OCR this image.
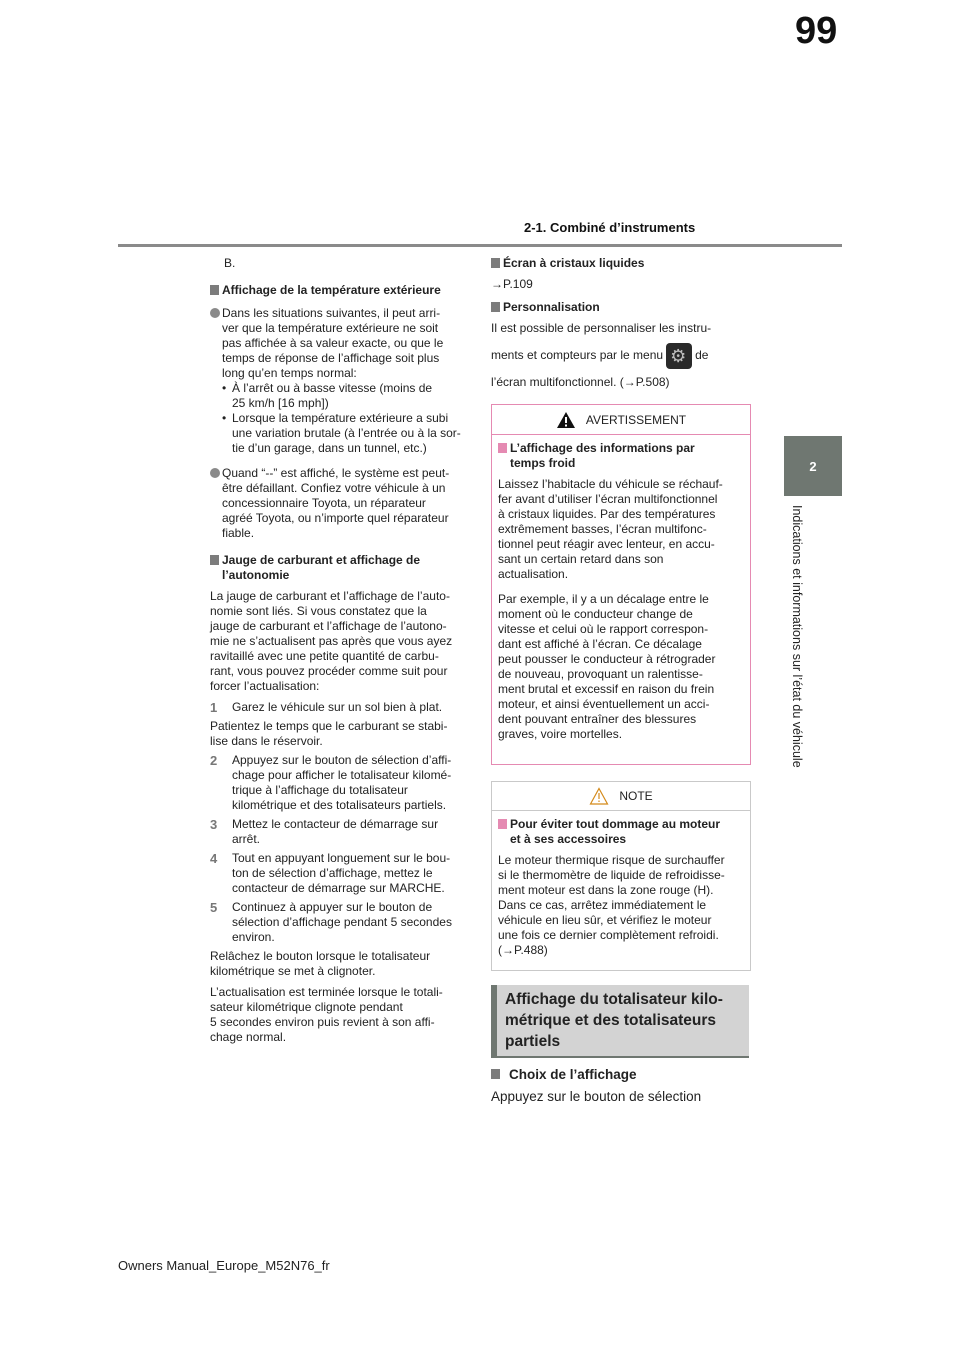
99
2-1. Combiné d’instruments
2
Indications et informations sur l’état du véhicule

B.

Affichage de la température extérieure

Dans les situations suivantes, il peut arri-
ver que la température extérieure ne soit
pas affichée à sa valeur exacte, ou que le
temps de réponse de l’affichage soit plus
long qu’en temps normal:

• À l’arrêt ou à basse vitesse (moins de
25 km/h [16 mph])

• Lorsque la température extérieure a subi
une variation brutale (à l’entrée ou à la sor-
tie d’un garage, dans un tunnel, etc.)

Quand “--” est affiché, le système est peut-
être défaillant. Confiez votre véhicule à un
concessionnaire Toyota, un réparateur
agréé Toyota, ou n’importe quel réparateur
fiable.

Jauge de carburant et affichage de
l’autonomie

La jauge de carburant et l’affichage de l’auto-
nomie sont liés. Si vous constatez que la
jauge de carburant et l’affichage de l’autono-
mie ne s’actualisent pas après que vous ayez
ravitaillé avec une petite quantité de carbu-
rant, vous pouvez procéder comme suit pour
forcer l’actualisation:

1 Garez le véhicule sur un sol bien à plat.

Patientez le temps que le carburant se stabi-
lise dans le réservoir.

2 Appuyez sur le bouton de sélection d’affi-
chage pour afficher le totalisateur kilomé-
trique à l’affichage du totalisateur
kilométrique et des totalisateurs partiels.

3 Mettez le contacteur de démarrage sur
arrêt.

4 Tout en appuyant longuement sur le bou-
ton de sélection d’affichage, mettez le
contacteur de démarrage sur MARCHE.

5 Continuez à appuyer sur le bouton de
sélection d’affichage pendant 5 secondes
environ.

Relâchez le bouton lorsque le totalisateur
kilométrique se met à clignoter.

L’actualisation est terminée lorsque le totali-
sateur kilométrique clignote pendant
5 secondes environ puis revient à son affi-
chage normal.

Écran à cristaux liquides

→P.109

Personnalisation

Il est possible de personnaliser les instru-

ments et compteurs par le menu⚙	de

l’écran multifonctionnel. (→P.508)

AVERTISSEMENT

L’affichage des informations par
temps froid

Laissez l’habitacle du véhicule se réchauf-
fer avant d’utiliser l’écran multifonctionnel
à cristaux liquides. Par des températures
extrêmement basses, l’écran multifonc-
tionnel peut réagir avec lenteur, en accu-
sant un certain retard dans son
actualisation.

Par exemple, il y a un décalage entre le
moment où le conducteur change de
vitesse et celui où le rapport correspon-
dant est affiché à l’écran. Ce décalage
peut pousser le conducteur à rétrograder
de nouveau, provoquant un ralentisse-
ment brutal et excessif en raison du frein
moteur, et ainsi éventuellement un acci-
dent pouvant entraîner des blessures
graves, voire mortelles.

NOTE

Pour éviter tout dommage au moteur
et à ses accessoires

Le moteur thermique risque de surchauffer
si le thermomètre de liquide de refroidisse-
ment moteur est dans la zone rouge (H).
Dans ce cas, arrêtez immédiatement le
véhicule en lieu sûr, et vérifiez le moteur
une fois ce dernier complètement refroidi.
(→P.488)

Affichage du totalisateur kilo-
métrique et des totalisateurs
partiels

Choix de l’affichage

Appuyez sur le bouton de sélection

Owners Manual_Europe_M52N76_fr
